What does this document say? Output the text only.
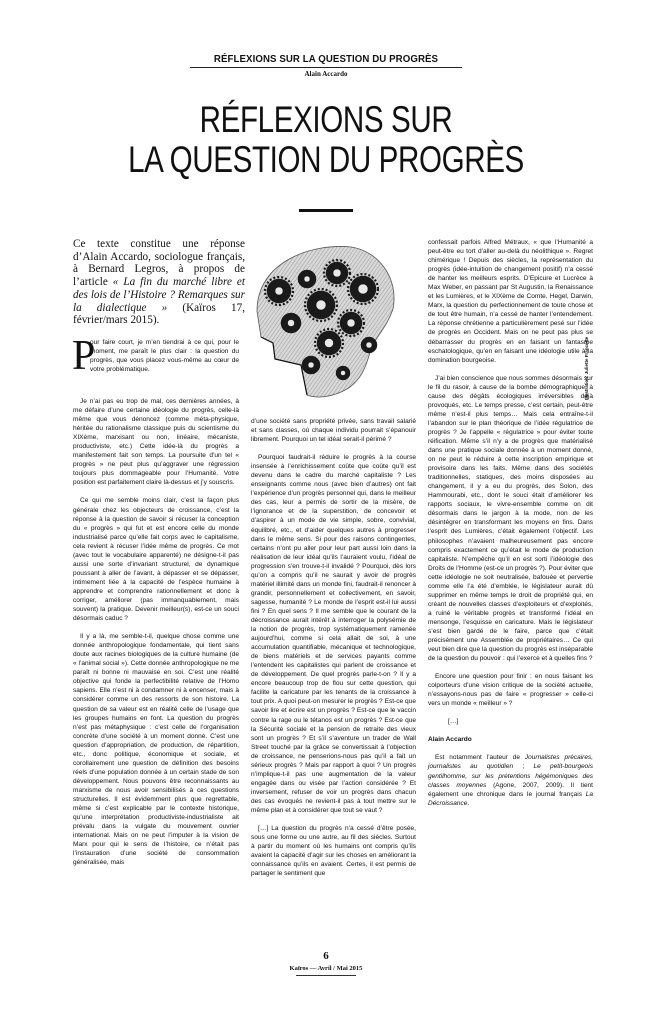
RÉFLEXIONS SUR LA QUESTION DU PROGRÈS
Alain Accardo
RÉFLEXIONS SUR
LA QUESTION DU PROGRÈS
Ce texte constitue une réponse d’Alain Accardo, sociologue français, à Bernard Legros, à propos de l’article « La fin du marché libre et des lois de l’Histoire ? Remarques sur la dialectique » (Kaïros 17, février/mars 2015).
Illustration: Juliette Francotte
P

our faire court, je m’en tiendrai à ce qui, pour le moment, me paraît le plus clair : la question du progrès, que vous placez vous-même au cœur de votre problématique.

Je n’ai pas eu trop de mal, ces dernières années, à me défaire d’une certaine idéologie du progrès, celle-là même que vous dénoncez (comme méta-physique, héritée du rationalisme classique puis du scientisme du XIXème, marxisant ou non, linéaire, mécaniste, productiviste, etc.) Cette idée-là du progrès a manifestement fait son temps. La poursuite d’un tel « progrès » ne peut plus qu’aggraver une régression toujours plus dommageable pour l’Humanité. Votre position est parfaitement claire là-dessus et j’y souscris.

Ce qui me semble moins clair, c’est la façon plus générale chez les objecteurs de croissance, c’est la réponse à la question de savoir si récuser la conception du « progrès » qui fut et est encore celle du monde industrialisé parce qu’elle fait corps avec le capitalisme, cela revient à récuser l’idée même de progrès. Ce mot (avec tout le vocabulaire apparenté) ne désigne-t-il pas aussi une sorte d’invariant structurel, de dynamique poussant à aller de l’avant, à dépasser et se dépasser, intimement liée à la capacité de l’espèce humaine à apprendre et comprendre rationnellement et donc à corriger, améliorer (pas immanquablement, mais souvent) la pratique. Devenir meilleur(s), est-ce un souci désormais caduc ?

Il y a là, me semble-t-il, quelque chose comme une donnée anthropologique fondamentale, qui tient sans doute aux racines biologiques de la culture humaine (de « l’animal social »). Cette donnée anthropologique ne me paraît ni bonne ni mauvaise en soi. C’est une réalité objective qui fonde la perfectibilité relative de l’Homo sapiens. Elle n’est ni à condamner ni à encenser, mais à considérer comme un des ressorts de son histoire. La question de sa valeur est en réalité celle de l’usage que les groupes humains en font. La question du progrès n’est pas métaphysique : c’est celle de l’organisation concrète d’une société à un moment donné. C’est une question d’appropriation, de production, de répartition, etc., donc politique, économique et sociale, et corollairement une question de définition des besoins réels d’une population donnée à un certain stade de son développement. Nous pouvons être reconnaissants au marxisme de nous avoir sensibilisés à ces questions structurelles. Il est évidemment plus que regrettable, même si c’est explicable par le contexte historique, qu’une interprétation productiviste-industrialiste ait prévalu dans la vulgate du mouvement ouvrier international. Mais on ne peut l’imputer à la vision de Marx pour qui le sens de l’histoire, ce n’était pas l’instauration d’une société de consommation généralisée, mais

d’une société sans propriété privée, sans travail salarié et sans classes, où chaque individu pourrait s’épanouir librement. Pourquoi un tel idéal serait-il périmé ?

Pourquoi faudrait-il réduire le progrès à la course insensée à l’enrichissement coûte que coûte qu’il est devenu dans le cadre du marché capitaliste ? Les enseignants comme nous (avec bien d’autres) ont fait l’expérience d’un progrès personnel qui, dans le meilleur des cas, leur a permis de sortir de la misère, de l’ignorance et de la superstition, de concevoir et d’aspirer à un mode de vie simple, sobre, convivial, équilibré, etc., et d’aider quelques autres à progresser dans le même sens. Si pour des raisons contingentes, certains n’ont pu aller pour leur part aussi loin dans la réalisation de leur idéal qu’ils l’auraient voulu, l’idéal de progression s’en trouve-t-il invalidé ? Pourquoi, dès lors qu’on a compris qu’il ne saurait y avoir de progrès matériel illimité dans un monde fini, faudrait-il renoncer à grandir, personnellement et collectivement, en savoir, sagesse, humanité ? Le monde de l’esprit est-il lui aussi fini ? En quel sens ? Il me semble que le courant de la décroissance aurait intérêt à interroger la polysémie de la notion de progrès, trop systématiquement ramenée aujourd’hui, comme si cela allait de soi, à une accumulation quantifiable, mécanique et technologique, de biens matériels et de services payants comme l’entendent les capitalistes qui parlent de croissance et de développement. De quel progrès parle-t-on ? Il y a encore beaucoup trop de flou sur cette question, qui facilite la caricature par les tenants de la croissance à tout prix. A quoi peut-on mesurer le progrès ? Est-ce que savoir lire et écrire est un progrès ? Est-ce que le vaccin contre la rage ou le tétanos est un progrès ? Est-ce que la Sécurité sociale et la pension de retraite des vieux sont un progrès ? Et s’il s’aventure un trader de Wall Street touché par la grâce se convertissait à l’objection de croissance, ne penserions-nous pas qu’il a fait un sérieux progrès ? Mais par rapport à quoi ? Un progrès n’implique-t-il pas une augmentation de la valeur engagée dans ou visée par l’action considérée ? Et inversement, refuser de voir un progrès dans chacun des cas évoqués ne revient-il pas à tout mettre sur le même plan et à considérer que tout se vaut ?

[…] La question du progrès n’a cessé d’être posée, sous une forme ou une autre, au fil des siècles. Surtout à partir du moment où les humains ont compris qu’ils avaient la capacité d’agir sur les choses en améliorant la connaissance qu’ils en avaient. Certes, il est permis de partager le sentiment que

confessait parfois Alfred Métraux, « que l’Humanité a peut-être eu tort d’aller au-delà du néolithique ». Regret chimérique ! Depuis des siècles, la représentation du progrès (idée-intuition de changement positif) n’a cessé de hanter les meilleurs esprits. D’Epicure et Lucrèce à Max Weber, en passant par St Augustin, la Renaissance et les Lumières, et le XIXème de Comte, Hegel, Darwin, Marx, la question du perfectionnement de toute chose et de tout être humain, n’a cessé de hanter l’entendement. La réponse chrétienne a particulièrement pesé sur l’idée de progrès en Occident. Mais on ne peut pas plus se débarrasser du progrès en en faisant un fantasme eschatologique, qu’en en faisant une idéologie utile à la domination bourgeoise.

J’ai bien conscience que nous sommes désormais sur le fil du rasoir, à cause de la bombe démographique, à cause des dégâts écologiques irréversibles déjà provoqués, etc. Le temps presse, c’est certain, peut-être même n’est-il plus temps… Mais cela entraîne-t-il l’abandon sur le plan théorique de l’idée régulatrice de progrès ? Je l’appelle « régulatrice » pour éviter toute réification. Même s’il n’y a de progrès que matérialisé dans une pratique sociale donnée à un moment donné, on ne peut le réduire à cette inscription empirique et provisoire dans les faits. Même dans des sociétés traditionnelles, statiques, des moins disposées au changement, il y a eu du progrès, des Solon, des Hammourabi, etc., dont le souci était d’améliorer les rapports sociaux, le vivre-ensemble comme on dit désormais dans le jargon à la mode, non de les désintégrer en transformant les moyens en fins. Dans l’esprit des Lumières, c’était également l’objectif. Les philosophes n’avaient malheureusement pas encore compris exactement ce qu’était le mode de production capitaliste. N’empêche qu’il en est sorti l’idéologie des Droits de l’Homme (est-ce un progrès ?). Pour éviter que cette idéologie ne soit neutralisée, bafouée et pervertie comme elle l’a été d’emblée, le législateur aurait dû supprimer en même temps le droit de propriété qui, en créant de nouvelles classes d’exploiteurs et d’exploités, a ruiné le véritable progrès et transformé l’idéal en mensonge, l’esquisse en caricature. Mais le législateur s’est bien gardé de le faire, parce que c’était précisément une Assemblée de propriétaires… Ce qui veut bien dire que la question du progrès est inséparable de la question du pouvoir : qui l’exerce et à quelles fins ?

Encore une question pour finir : en nous faisant les colporteurs d’une vision critique de la société actuelle, n’essayons-nous pas de faire « progresser » celle-ci vers un monde « meilleur » ?

[…]

Alain Accardo

Est notamment l’auteur de Journalistes précaires, journalistes au quotidien ; Le petit-bourgeois gentilhomme, sur les prétentions hégémoniques des classes moyennes (Agone, 2007, 2009). Il tient également une chronique dans le journal français La Décroissance.

6
Kaïros — Avril / Mai 2015
